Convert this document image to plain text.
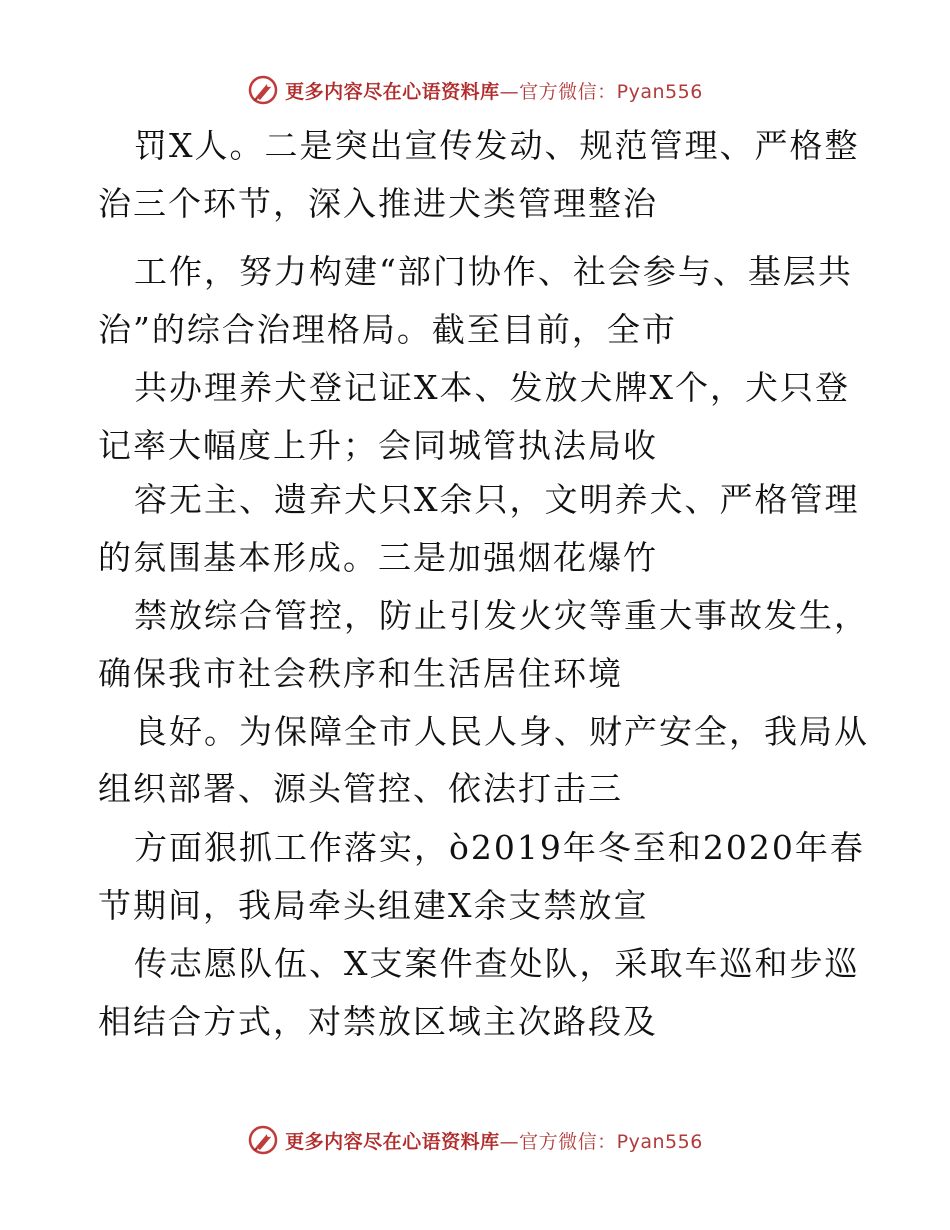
更多内容尽在心语资料库—官方微信：Pyan556
罚X人。二是突出宣传发动、规范管理、严格整
治三个环节，深入推进犬类管理整治
工作，努力构建“部门协作、社会参与、基层共
治”的综合治理格局。截至目前，全市
共办理养犬登记证X本、发放犬牌X个，犬只登
记率大幅度上升；会同城管执法局收
容无主、遗弃犬只X余只，文明养犬、严格管理
的氛围基本形成。三是加强烟花爆竹
禁放综合管控，防止引发火灾等重大事故发生，
确保我市社会秩序和生活居住环境
良好。为保障全市人民人身、财产安全，我局从
组织部署、源头管控、依法打击三
方面狠抓工作落实，ò2019年冬至和2020年春
节期间，我局牵头组建X余支禁放宣
传志愿队伍、X支案件查处队，采取车巡和步巡
相结合方式，对禁放区域主次路段及
更多内容尽在心语资料库—官方微信：Pyan556
